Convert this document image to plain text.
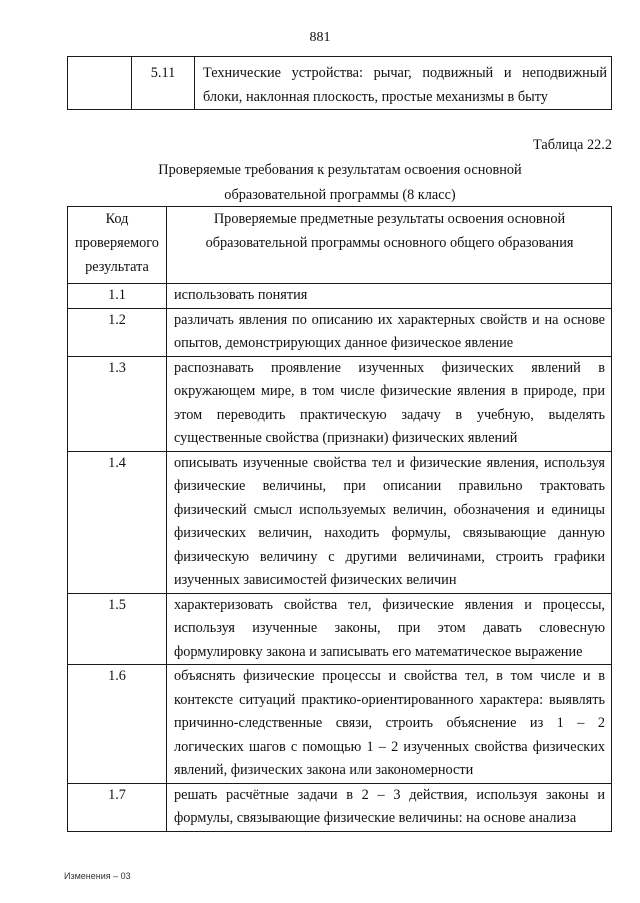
881
	5.11	Технические устройства: рычаг, подвижный и неподвижный блоки, наклонная плоскость, простые механизмы в быту
Таблица 22.2
Проверяемые требования к результатам освоения основной
образовательной программы (8 класс)
Код проверяемого результата	Проверяемые предметные результаты освоения основной образовательной программы основного общего образования
1.1	использовать понятия
1.2	различать явления по описанию их характерных свойств и на основе опытов, демонстрирующих данное физическое явление
1.3	распознавать проявление изученных физических явлений в окружающем мире, в том числе физические явления в природе, при этом переводить практическую задачу в учебную, выделять существенные свойства (признаки) физических явлений
1.4	описывать изученные свойства тел и физические явления, используя физические величины, при описании правильно трактовать физический смысл используемых величин, обозначения и единицы физических величин, находить формулы, связывающие данную физическую величину с другими величинами, строить графики изученных зависимостей физических величин
1.5	характеризовать свойства тел, физические явления и процессы, используя изученные законы, при этом давать словесную формулировку закона и записывать его математическое выражение
1.6	объяснять физические процессы и свойства тел, в том числе и в контексте ситуаций практико-ориентированного характера: выявлять причинно-следственные связи, строить объяснение из 1 – 2 логических шагов с помощью 1 – 2 изученных свойства физических явлений, физических закона или закономерности
1.7	решать расчётные задачи в 2 – 3 действия, используя законы и формулы, связывающие физические величины: на основе анализа
Изменения – 03
